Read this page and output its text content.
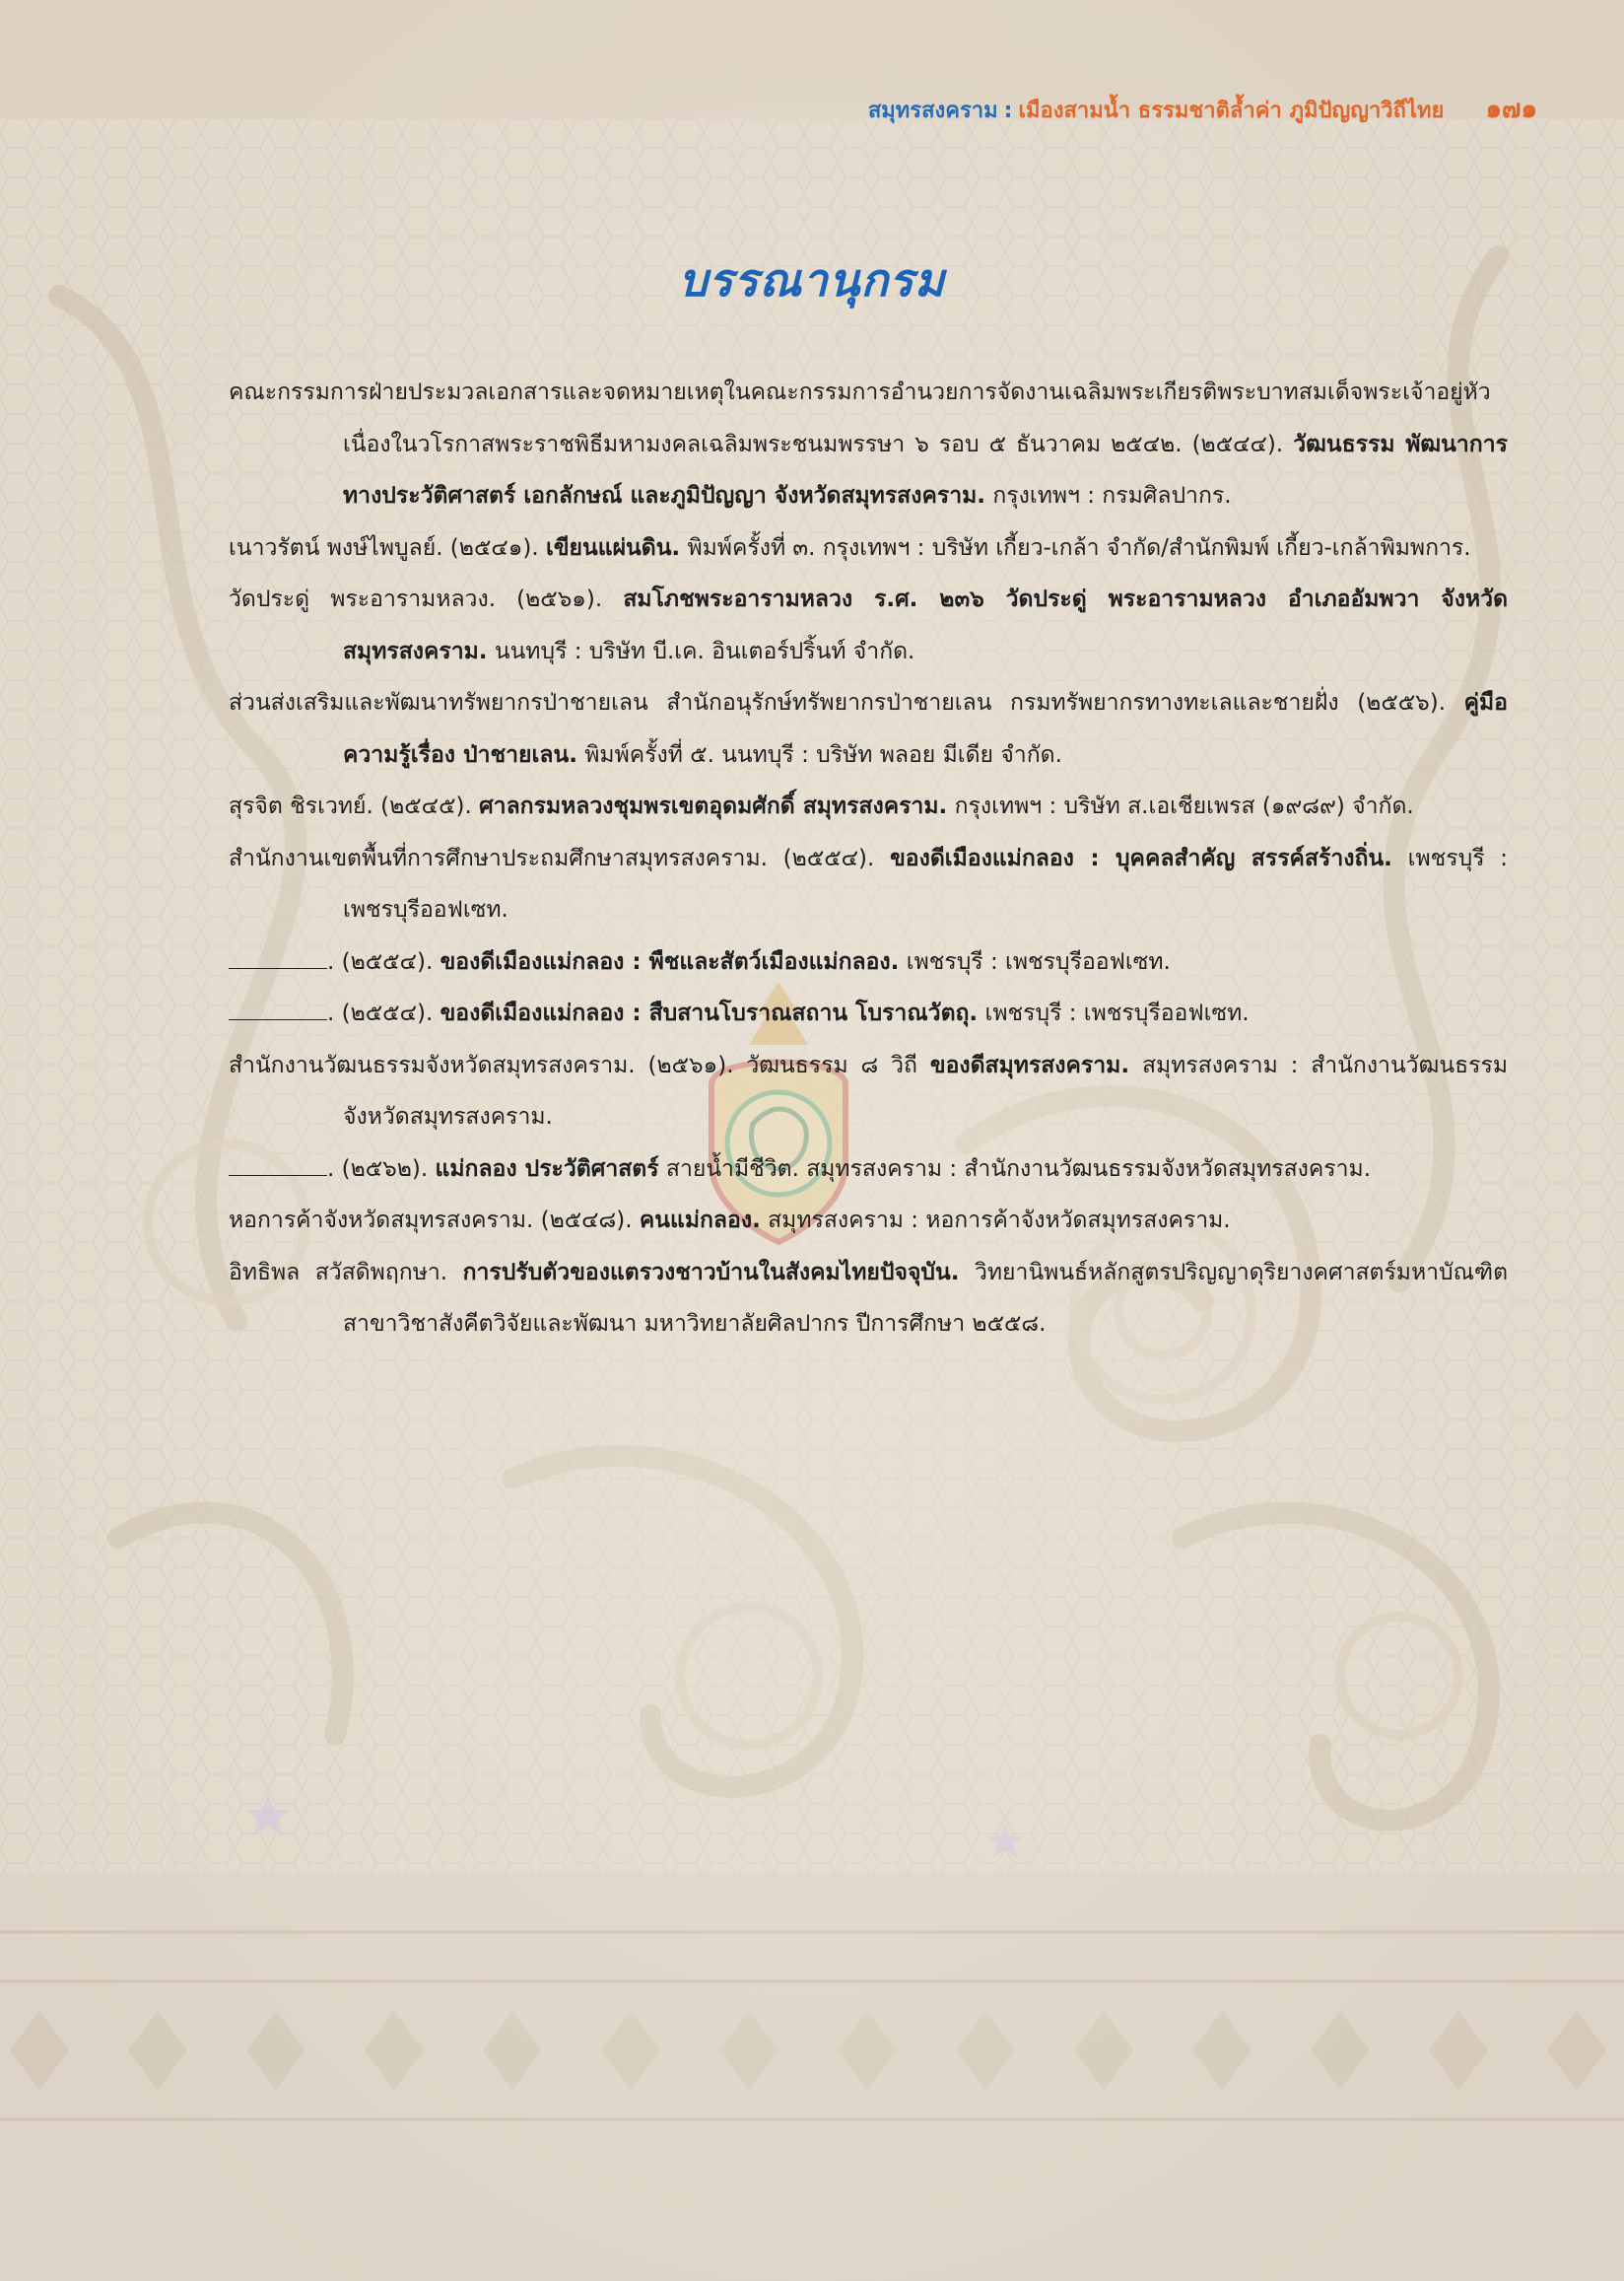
สมุทรสงคราม : เมืองสามน้ำ ธรรมชาติล้ำค่า ภูมิปัญญาวิถีไทย ๑๗๑
บรรณานุกรม
คณะกรรมการฝ่ายประมวลเอกสารและจดหมายเหตุในคณะกรรมการอำนวยการจัดงานเฉลิมพระเกียรติพระบาทสมเด็จพระเจ้าอยู่หัว เนื่องในวโรกาสพระราชพิธีมหามงคลเฉลิมพระชนมพรรษา ๖ รอบ ๕ ธันวาคม ๒๕๔๒. (๒๕๔๔). วัฒนธรรม พัฒนาการทางประวัติศาสตร์ เอกลักษณ์ และภูมิปัญญา จังหวัดสมุทรสงคราม. กรุงเทพฯ : กรมศิลปากร.
เนาวรัตน์ พงษ์ไพบูลย์. (๒๕๔๑). เขียนแผ่นดิน. พิมพ์ครั้งที่ ๓. กรุงเทพฯ : บริษัท เกี้ยว-เกล้า จำกัด/สำนักพิมพ์ เกี้ยว-เกล้าพิมพการ.
วัดประดู่ พระอารามหลวง. (๒๕๖๑). สมโภชพระอารามหลวง ร.ศ. ๒๓๖ วัดประดู่ พระอารามหลวง อำเภออัมพวา จังหวัดสมุทรสงคราม. นนทบุรี : บริษัท บี.เค. อินเตอร์ปริ้นท์ จำกัด.
ส่วนส่งเสริมและพัฒนาทรัพยากรป่าชายเลน สำนักอนุรักษ์ทรัพยากรป่าชายเลน กรมทรัพยากรทางทะเลและชายฝั่ง (๒๕๕๖). คู่มือความรู้เรื่อง ป่าชายเลน. พิมพ์ครั้งที่ ๕. นนทบุรี : บริษัท พลอย มีเดีย จำกัด.
สุรจิต ชิรเวทย์. (๒๕๔๕). ศาลกรมหลวงชุมพรเขตอุดมศักดิ์ สมุทรสงคราม. กรุงเทพฯ : บริษัท ส.เอเชียเพรส (๑๙๘๙) จำกัด.
สำนักงานเขตพื้นที่การศึกษาประถมศึกษาสมุทรสงคราม. (๒๕๕๔). ของดีเมืองแม่กลอง : บุคคลสำคัญ สรรค์สร้างถิ่น. เพชรบุรี : เพชรบุรีออฟเซท.
. (๒๕๕๔). ของดีเมืองแม่กลอง : พืชและสัตว์เมืองแม่กลอง. เพชรบุรี : เพชรบุรีออฟเซท.
. (๒๕๕๔). ของดีเมืองแม่กลอง : สืบสานโบราณสถาน โบราณวัตถุ. เพชรบุรี : เพชรบุรีออฟเซท.
สำนักงานวัฒนธรรมจังหวัดสมุทรสงคราม. (๒๕๖๑). วัฒนธรรม ๘ วิถี ของดีสมุทรสงคราม. สมุทรสงคราม : สำนักงานวัฒนธรรมจังหวัดสมุทรสงคราม.
. (๒๕๖๒). แม่กลอง ประวัติศาสตร์ สายน้ำมีชีวิต. สมุทรสงคราม : สำนักงานวัฒนธรรมจังหวัดสมุทรสงคราม.
หอการค้าจังหวัดสมุทรสงคราม. (๒๕๔๘). คนแม่กลอง. สมุทรสงคราม : หอการค้าจังหวัดสมุทรสงคราม.
อิทธิพล สวัสดิพฤกษา. การปรับตัวของแตรวงชาวบ้านในสังคมไทยปัจจุบัน. วิทยานิพนธ์หลักสูตรปริญญาดุริยางคศาสตร์มหาบัณฑิต สาขาวิชาสังคีตวิจัยและพัฒนา มหาวิทยาลัยศิลปากร ปีการศึกษา ๒๕๕๘.
